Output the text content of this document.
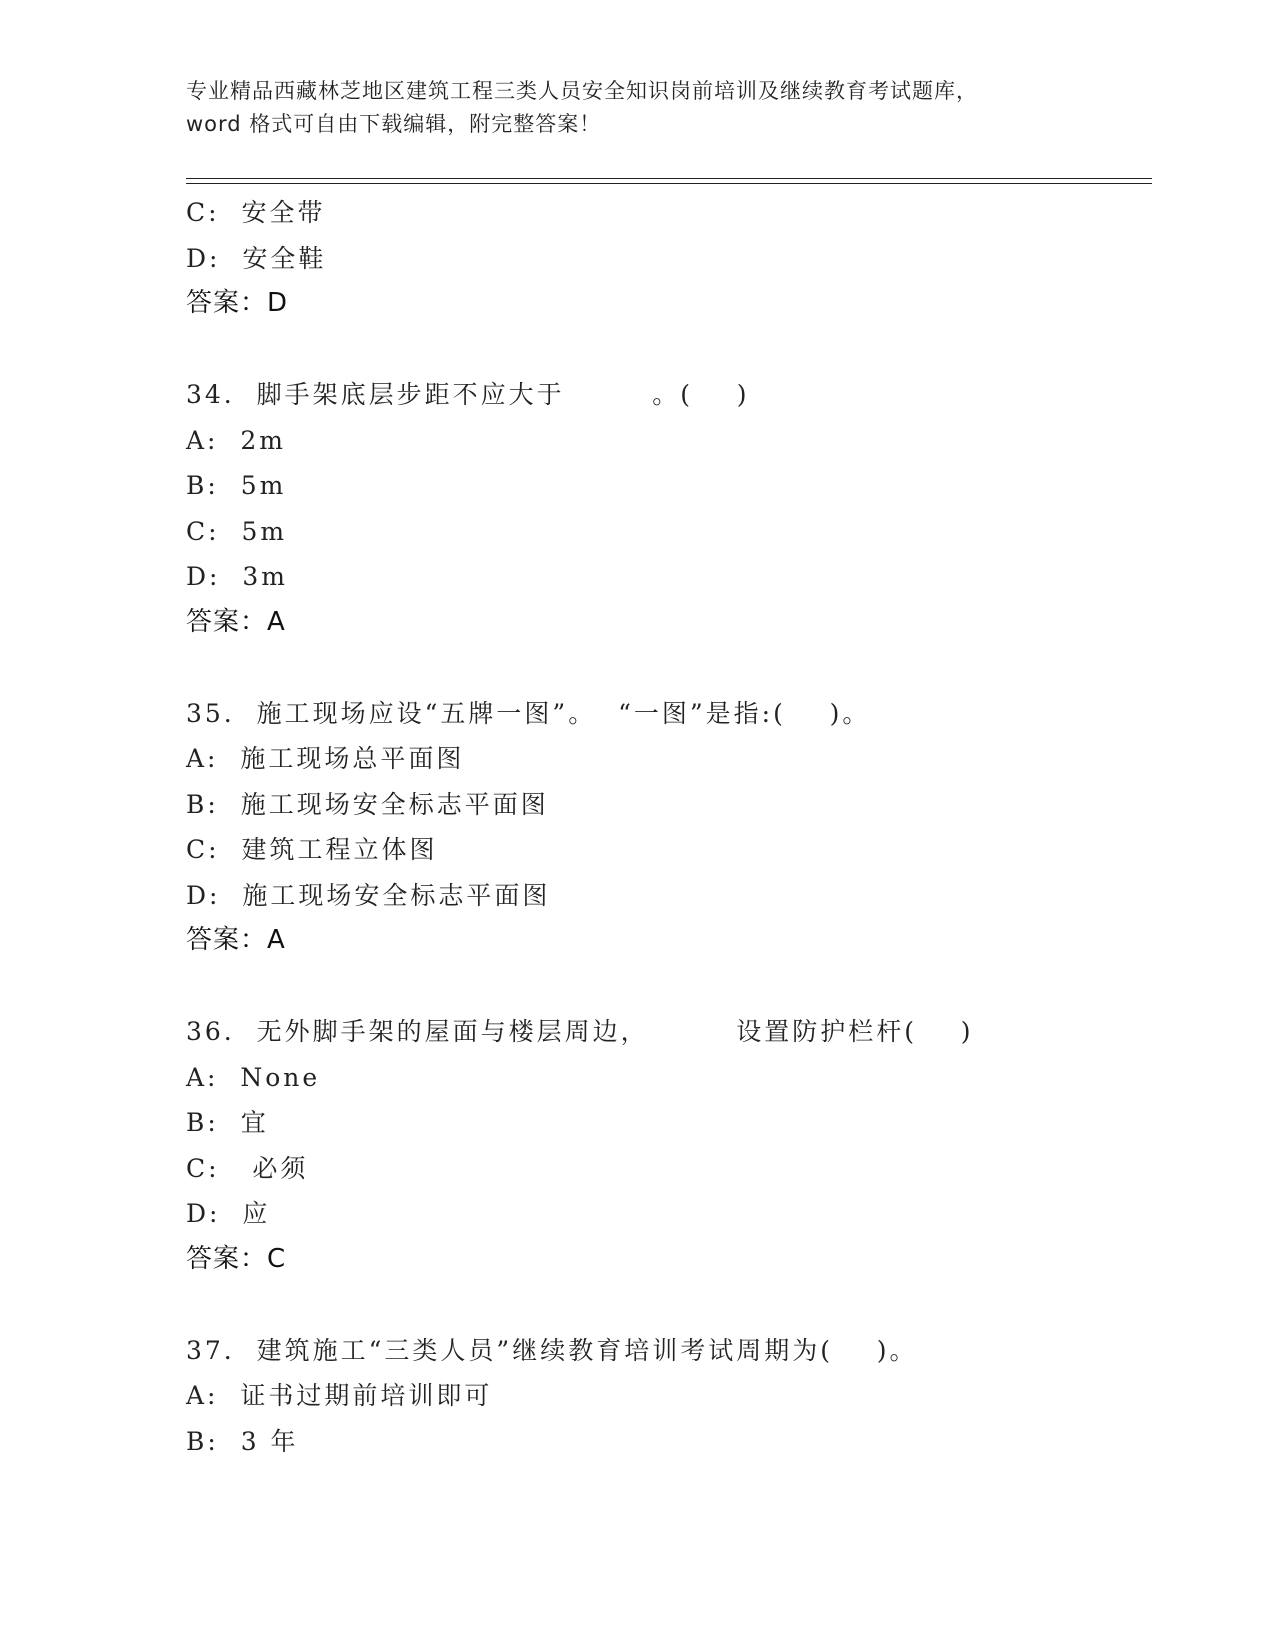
专业精品西藏林芝地区建筑工程三类人员安全知识岗前培训及继续教育考试题库，
word 格式可自由下载编辑，附完整答案！
C:  安全带
D:  安全鞋
答案：D
34.  脚手架底层步距不应大于        。(    )
A:  2m
B:  5m
C:  5m
D:  3m
答案：A
35.  施工现场应设“五牌一图”。  “一图”是指:(    )。
A:  施工现场总平面图
B:  施工现场安全标志平面图
C:  建筑工程立体图
D:  施工现场安全标志平面图
答案：A
36.  无外脚手架的屋面与楼层周边，        设置防护栏杆(    )
A:  None
B:  宜
C:   必须
D:  应
答案：C
37.  建筑施工“三类人员”继续教育培训考试周期为(    )。
A:  证书过期前培训即可
B:  3 年
